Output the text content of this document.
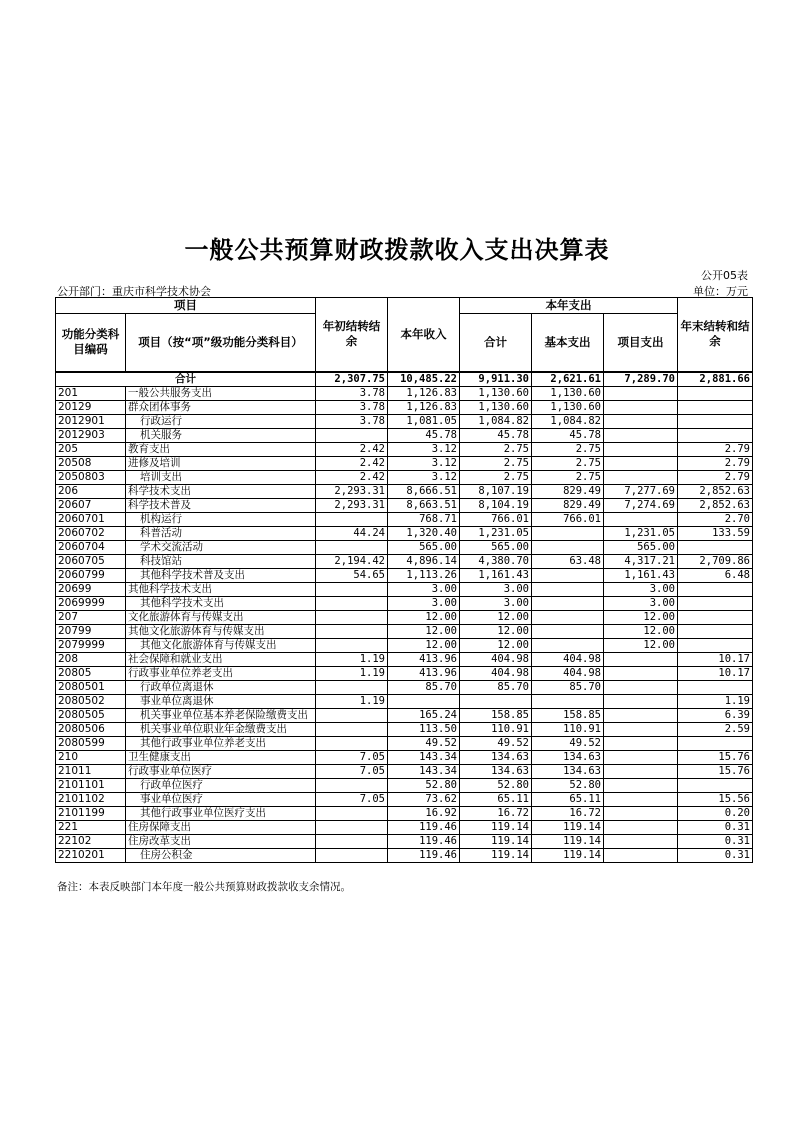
一般公共预算财政拨款收入支出决算表
公开05表
公开部门：重庆市科学技术协会	单位：万元
项目		年初结转结余	本年收入	本年支出			年末结转和结余
功能分类科目编码	项目（按“项”级功能分类科目）			合计	基本支出	项目支出	
合计		2,307.75	10,485.22	9,911.30	2,621.61	7,289.70	2,881.66
201	一般公共服务支出	3.78	1,126.83	1,130.60	1,130.60		
20129	群众团体事务	3.78	1,126.83	1,130.60	1,130.60		
2012901	行政运行	3.78	1,081.05	1,084.82	1,084.82		
2012903	机关服务		45.78	45.78	45.78		
205	教育支出	2.42	3.12	2.75	2.75		2.79
20508	进修及培训	2.42	3.12	2.75	2.75		2.79
2050803	培训支出	2.42	3.12	2.75	2.75		2.79
206	科学技术支出	2,293.31	8,666.51	8,107.19	829.49	7,277.69	2,852.63
20607	科学技术普及	2,293.31	8,663.51	8,104.19	829.49	7,274.69	2,852.63
2060701	机构运行		768.71	766.01	766.01		2.70
2060702	科普活动	44.24	1,320.40	1,231.05		1,231.05	133.59
2060704	学术交流活动		565.00	565.00		565.00	
2060705	科技馆站	2,194.42	4,896.14	4,380.70	63.48	4,317.21	2,709.86
2060799	其他科学技术普及支出	54.65	1,113.26	1,161.43		1,161.43	6.48
20699	其他科学技术支出		3.00	3.00		3.00	
2069999	其他科学技术支出		3.00	3.00		3.00	
207	文化旅游体育与传媒支出		12.00	12.00		12.00	
20799	其他文化旅游体育与传媒支出		12.00	12.00		12.00	
2079999	其他文化旅游体育与传媒支出		12.00	12.00		12.00	
208	社会保障和就业支出	1.19	413.96	404.98	404.98		10.17
20805	行政事业单位养老支出	1.19	413.96	404.98	404.98		10.17
2080501	行政单位离退休		85.70	85.70	85.70		
2080502	事业单位离退休	1.19					1.19
2080505	机关事业单位基本养老保险缴费支出		165.24	158.85	158.85		6.39
2080506	机关事业单位职业年金缴费支出		113.50	110.91	110.91		2.59
2080599	其他行政事业单位养老支出		49.52	49.52	49.52		
210	卫生健康支出	7.05	143.34	134.63	134.63		15.76
21011	行政事业单位医疗	7.05	143.34	134.63	134.63		15.76
2101101	行政单位医疗		52.80	52.80	52.80		
2101102	事业单位医疗	7.05	73.62	65.11	65.11		15.56
2101199	其他行政事业单位医疗支出		16.92	16.72	16.72		0.20
221	住房保障支出		119.46	119.14	119.14		0.31
22102	住房改革支出		119.46	119.14	119.14		0.31
2210201	住房公积金		119.46	119.14	119.14		0.31
备注：本表反映部门本年度一般公共预算财政拨款收支余情况。
